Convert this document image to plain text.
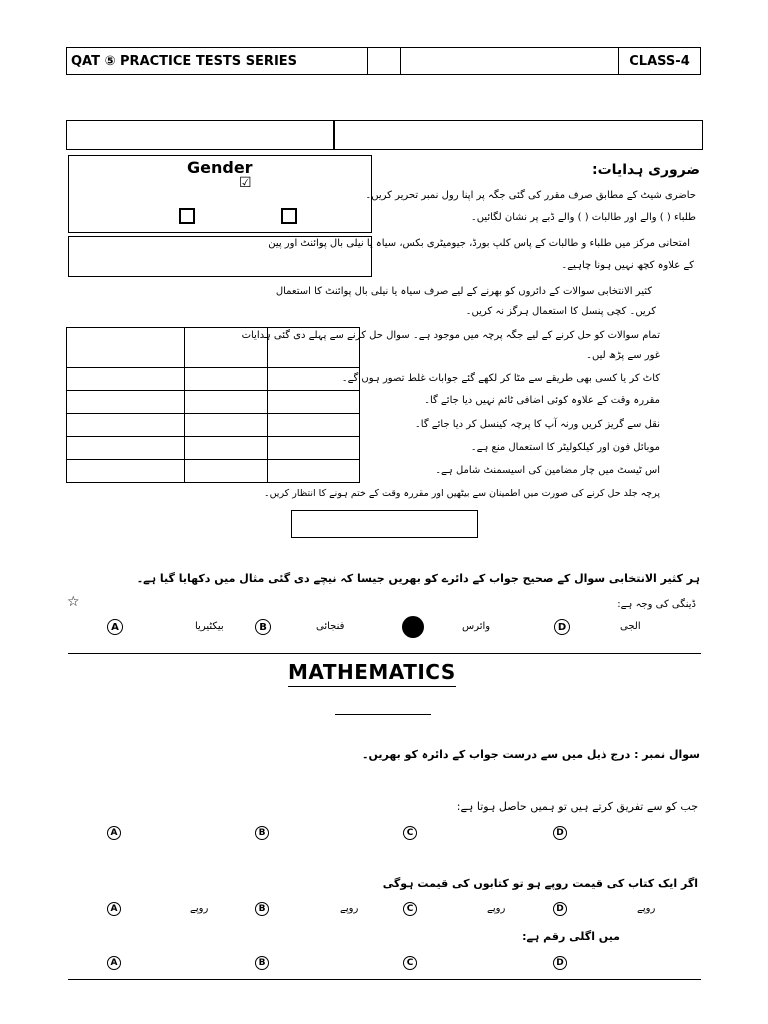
QAT ⑤ PRACTICE TESTS SERIES	CLASS-4
Gender
☑

ضروری ہدایات:
حاضری شیٹ کے مطابق صرف مقرر کی گئی جگہ پر اپنا رول نمبر تحریر کریں۔
طلباء ( ) والے اور طالبات ( ) والے ڈبے پر نشان لگائیں۔
امتحانی مرکز میں طلباء و طالبات کے پاس کلپ بورڈ، جیومیٹری بکس، سیاہ یا نیلی بال پوائنٹ اور پین
کے علاوہ کچھ نہیں ہونا چاہیے۔
کثیر الانتخابی سوالات کے دائروں کو بھرنے کے لیے صرف سیاہ یا نیلی بال پوائنٹ کا استعمال
کریں۔ کچی پنسل کا استعمال ہرگز نہ کریں۔
تمام سوالات کو حل کرنے کے لیے جگہ پرچہ میں موجود ہے۔ سوال حل کرنے سے پہلے دی گئی ہدایات
غور سے پڑھ لیں۔
کاٹ کر یا کسی بھی طریقے سے مٹا کر لکھے گئے جوابات غلط تصور ہوں گے۔
مقررہ وقت کے علاوہ کوئی اضافی ٹائم نہیں دیا جائے گا۔
نقل سے گریز کریں ورنہ آپ کا پرچہ کینسل کر دیا جائے گا۔
موبائل فون اور کیلکولیٹر کا استعمال منع ہے۔
اس ٹیسٹ میں چار مضامین کی اسیسمنٹ شامل ہے۔
پرچہ جلد حل کرنے کی صورت میں اطمینان سے بیٹھیں اور مقررہ وقت کے ختم ہونے کا انتظار کریں۔
ہر کثیر الانتخابی سوال کے صحیح جواب کے دائرے کو بھریں جیسا کہ نیچے دی گئی مثال میں دکھایا گیا ہے۔
☆	ڈینگی کی وجہ ہے:
A	بیکٹیریا	B	فنجائی	وائرس	D	الجی
MATHEMATICS
سوال نمبر : درج ذیل میں سے درست جواب کے دائرہ کو بھریں۔
جب کو سے تفریق کرتے ہیں تو ہمیں حاصل ہوتا ہے:
A	B	C	D
اگر ایک کتاب کی قیمت روپے ہو تو کتابوں کی قیمت ہوگی
A	روپے	B	روپے	C	روپے	D	روپے
میں اگلی رقم ہے:
A	B	C	D
